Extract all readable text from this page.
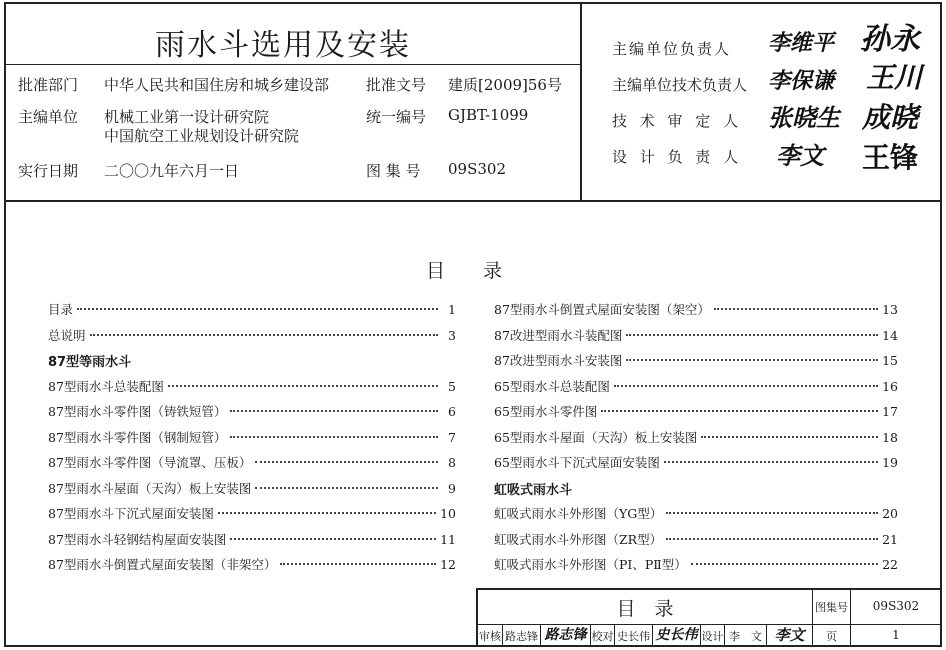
雨水斗选用及安装
批准部门 中华人民共和国住房和城乡建设部 批准文号 建质[2009]56号
主编单位 机械工业第一设计研究院
中国航空工业规划设计研究院
统一编号 GJBT-1099
实行日期 二〇〇九年六月一日	图 集 号 09S302
主编单位负责人 李维平 孙永
主编单位技术负责人 李保谦 王川
技 术 审 定 人 张晓生 成晓
设 计 负 责 人 李文 王锋
目　　录
目录	1
总说明	3
87型等雨水斗
87型雨水斗总装配图	5
87型雨水斗零件图（铸铁短管）	6
87型雨水斗零件图（钢制短管）	7
87型雨水斗零件图（导流罩、压板）	8
87型雨水斗屋面（天沟）板上安装图	9
87型雨水斗下沉式屋面安装图	10
87型雨水斗轻钢结构屋面安装图	11
87型雨水斗倒置式屋面安装图（非架空）	12
87型雨水斗倒置式屋面安装图（架空）	13
87改进型雨水斗装配图	14
87改进型雨水斗安装图	15
65型雨水斗总装配图	16
65型雨水斗零件图	17
65型雨水斗屋面（天沟）板上安装图	18
65型雨水斗下沉式屋面安装图	19
虹吸式雨水斗
虹吸式雨水斗外形图（YG型）	20
虹吸式雨水斗外形图（ZR型）	21
虹吸式雨水斗外形图（PⅠ、PⅡ型）	22
目　录	图集号	09S302
审核 路志锋 路志锋 校对 史长伟 史长伟 设计 李　文 李文	页	1
